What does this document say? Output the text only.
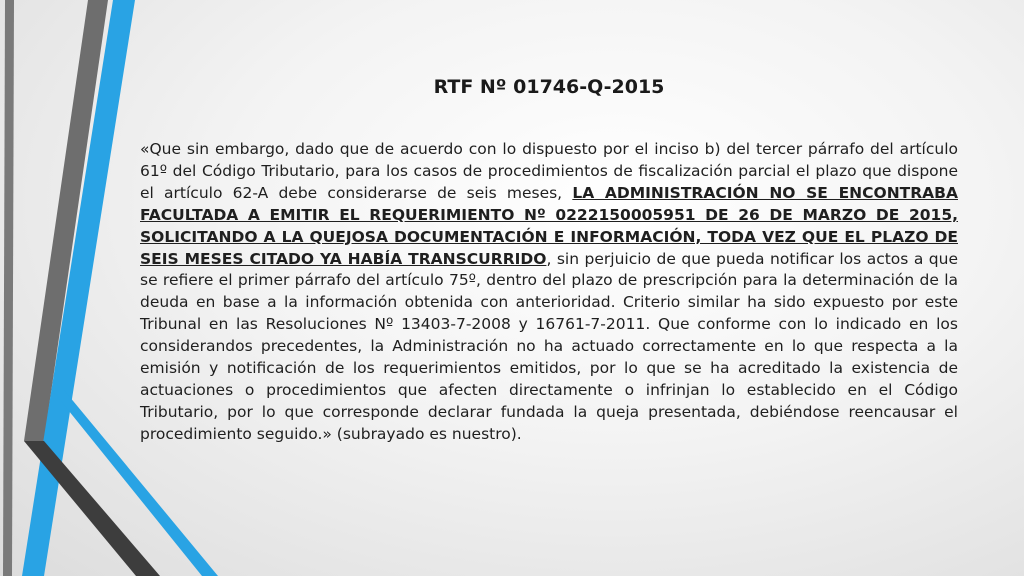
RTF Nº 01746-Q-2015

«Que sin embargo, dado que de acuerdo con lo dispuesto por el inciso b) del tercer párrafo del artículo 61º del Código Tributario, para los casos de procedimientos de fiscalización parcial el plazo que dispone el artículo 62-A debe considerarse de seis meses, LA ADMINISTRACIÓN NO SE ENCONTRABA FACULTADA A EMITIR EL REQUERIMIENTO Nº 0222150005951 DE 26 DE MARZO DE 2015, SOLICITANDO A LA QUEJOSA DOCUMENTACIÓN E INFORMACIÓN, TODA VEZ QUE EL PLAZO DE SEIS MESES CITADO YA HABÍA TRANSCURRIDO, sin perjuicio de que pueda notificar los actos a que se refiere el primer párrafo del artículo 75º, dentro del plazo de prescripción para la determinación de la deuda en base a la información obtenida con anterioridad. Criterio similar ha sido expuesto por este Tribunal en las Resoluciones Nº 13403-7-2008 y 16761-7-2011. Que conforme con lo indicado en los considerandos precedentes, la Administración no ha actuado correctamente en lo que respecta a la emisión y notificación de los requerimientos emitidos, por lo que se ha acreditado la existencia de actuaciones o procedimientos que afecten directamente o infrinjan lo establecido en el Código Tributario, por lo que corresponde declarar fundada la queja presentada, debiéndose reencausar el procedimiento seguido.» (subrayado es nuestro).
